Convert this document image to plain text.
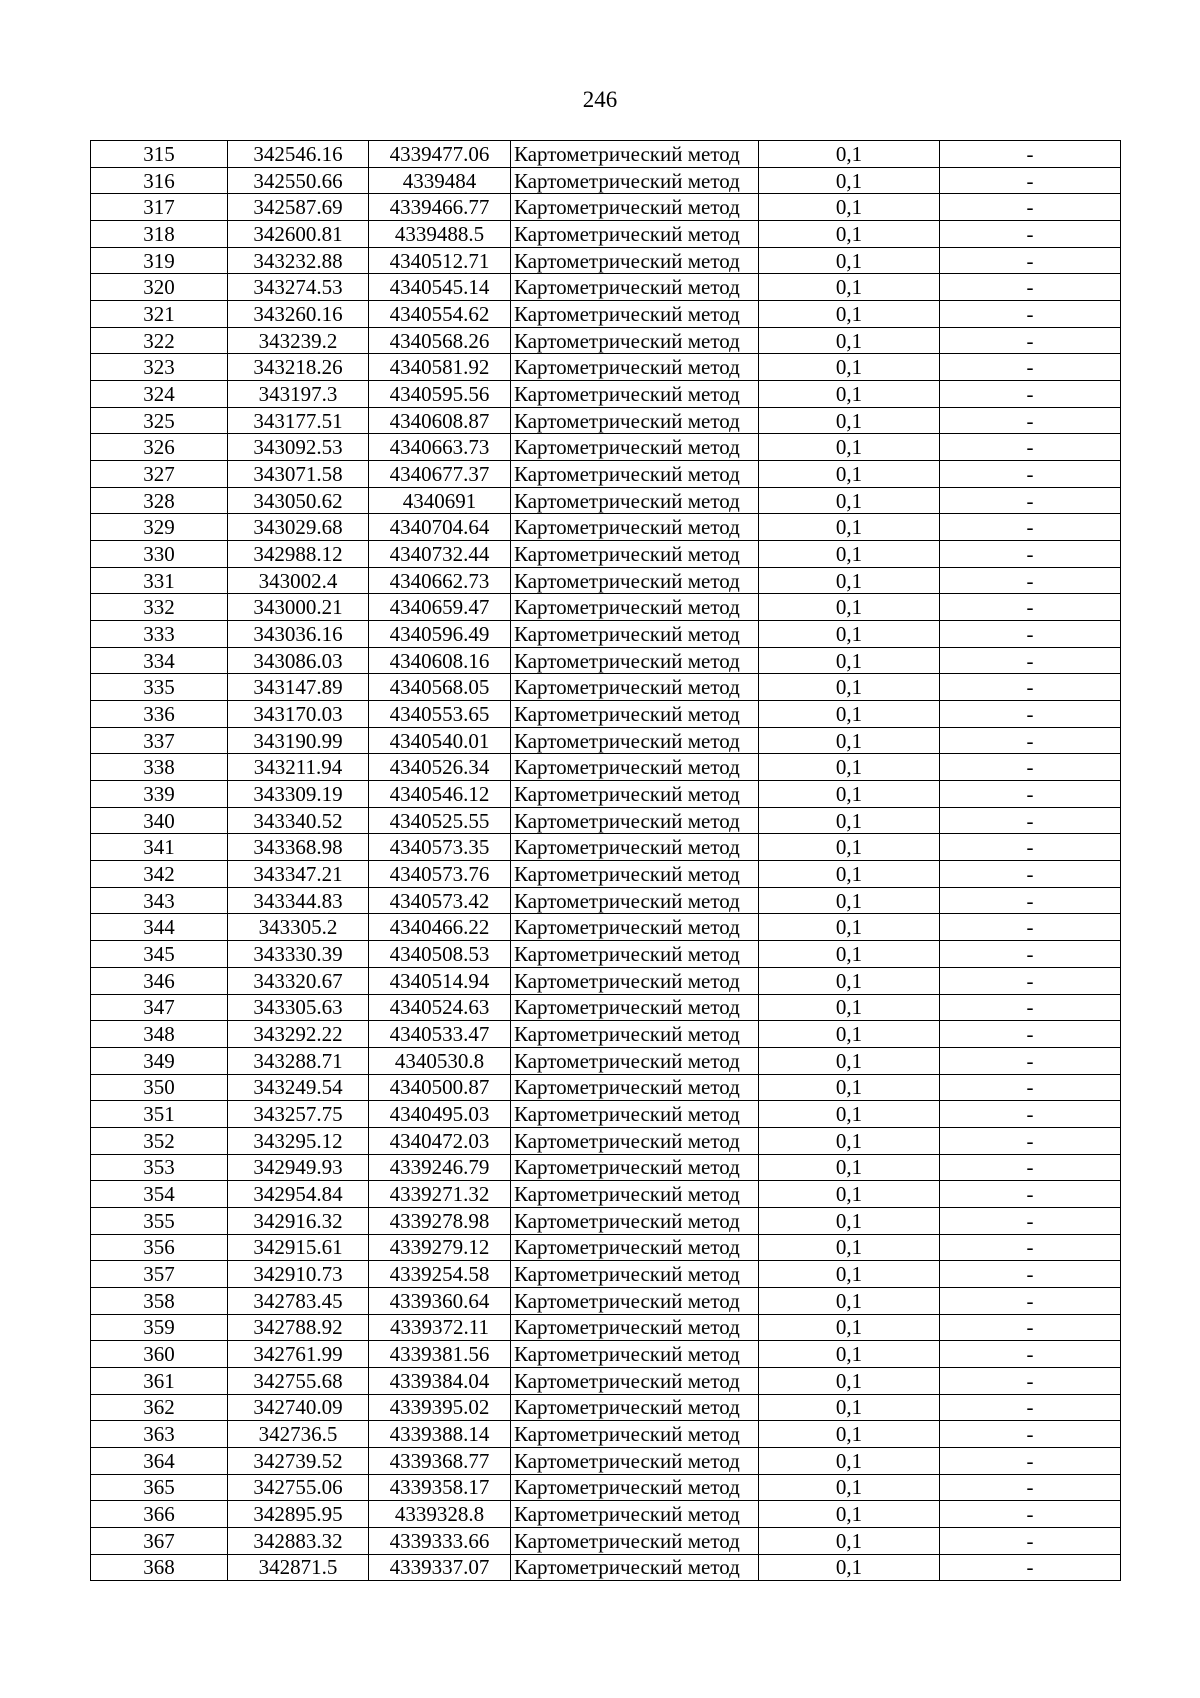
246
315	342546.16	4339477.06	Картометрический метод	0,1	-
316	342550.66	4339484	Картометрический метод	0,1	-
317	342587.69	4339466.77	Картометрический метод	0,1	-
318	342600.81	4339488.5	Картометрический метод	0,1	-
319	343232.88	4340512.71	Картометрический метод	0,1	-
320	343274.53	4340545.14	Картометрический метод	0,1	-
321	343260.16	4340554.62	Картометрический метод	0,1	-
322	343239.2	4340568.26	Картометрический метод	0,1	-
323	343218.26	4340581.92	Картометрический метод	0,1	-
324	343197.3	4340595.56	Картометрический метод	0,1	-
325	343177.51	4340608.87	Картометрический метод	0,1	-
326	343092.53	4340663.73	Картометрический метод	0,1	-
327	343071.58	4340677.37	Картометрический метод	0,1	-
328	343050.62	4340691	Картометрический метод	0,1	-
329	343029.68	4340704.64	Картометрический метод	0,1	-
330	342988.12	4340732.44	Картометрический метод	0,1	-
331	343002.4	4340662.73	Картометрический метод	0,1	-
332	343000.21	4340659.47	Картометрический метод	0,1	-
333	343036.16	4340596.49	Картометрический метод	0,1	-
334	343086.03	4340608.16	Картометрический метод	0,1	-
335	343147.89	4340568.05	Картометрический метод	0,1	-
336	343170.03	4340553.65	Картометрический метод	0,1	-
337	343190.99	4340540.01	Картометрический метод	0,1	-
338	343211.94	4340526.34	Картометрический метод	0,1	-
339	343309.19	4340546.12	Картометрический метод	0,1	-
340	343340.52	4340525.55	Картометрический метод	0,1	-
341	343368.98	4340573.35	Картометрический метод	0,1	-
342	343347.21	4340573.76	Картометрический метод	0,1	-
343	343344.83	4340573.42	Картометрический метод	0,1	-
344	343305.2	4340466.22	Картометрический метод	0,1	-
345	343330.39	4340508.53	Картометрический метод	0,1	-
346	343320.67	4340514.94	Картометрический метод	0,1	-
347	343305.63	4340524.63	Картометрический метод	0,1	-
348	343292.22	4340533.47	Картометрический метод	0,1	-
349	343288.71	4340530.8	Картометрический метод	0,1	-
350	343249.54	4340500.87	Картометрический метод	0,1	-
351	343257.75	4340495.03	Картометрический метод	0,1	-
352	343295.12	4340472.03	Картометрический метод	0,1	-
353	342949.93	4339246.79	Картометрический метод	0,1	-
354	342954.84	4339271.32	Картометрический метод	0,1	-
355	342916.32	4339278.98	Картометрический метод	0,1	-
356	342915.61	4339279.12	Картометрический метод	0,1	-
357	342910.73	4339254.58	Картометрический метод	0,1	-
358	342783.45	4339360.64	Картометрический метод	0,1	-
359	342788.92	4339372.11	Картометрический метод	0,1	-
360	342761.99	4339381.56	Картометрический метод	0,1	-
361	342755.68	4339384.04	Картометрический метод	0,1	-
362	342740.09	4339395.02	Картометрический метод	0,1	-
363	342736.5	4339388.14	Картометрический метод	0,1	-
364	342739.52	4339368.77	Картометрический метод	0,1	-
365	342755.06	4339358.17	Картометрический метод	0,1	-
366	342895.95	4339328.8	Картометрический метод	0,1	-
367	342883.32	4339333.66	Картометрический метод	0,1	-
368	342871.5	4339337.07	Картометрический метод	0,1	-
